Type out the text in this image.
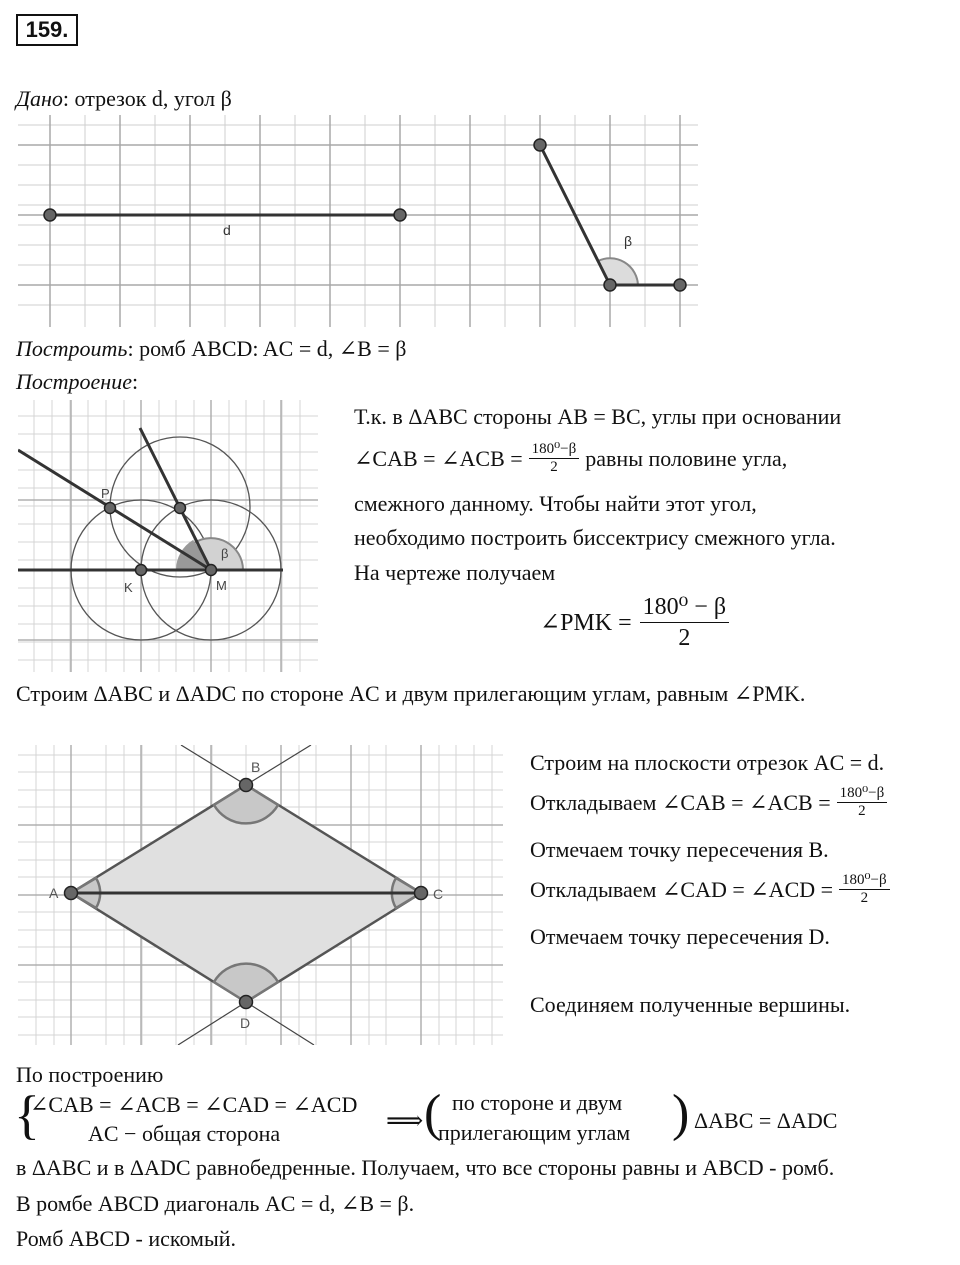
159.
Дано: отрезок d, угол β
d
β
Построить: ромб ABCD: AC = d, ∠B = β
Построение:
P
K	M
β
Т.к. в ΔABC стороны AB = BC, углы при основании
∠CAB = ∠ACB = $\frac{\text{180⁰−β}}{2}$ равны половине угла,
смежного данному. Чтобы найти этот угол,
необходимо построить биссектрису смежного угла.
На чертеже получаем
∠PMK = $\frac{\text{180⁰ − β}}{2}$
Строим ΔABC и ΔADC по стороне AC и двум прилегающим углам, равным ∠PMK.
A
B
C
D
Строим на плоскости отрезок AC = d.
Откладываем ∠CAB = ∠ACB = $\frac{\text{180⁰−β}}{2}$
Отмечаем точку пересечения B.
Откладываем ∠CAD = ∠ACD = $\frac{\text{180⁰−β}}{2}$
Отмечаем точку пересечения D.
Соединяем полученные вершины.
По построению
{
∠CAB = ∠ACB = ∠CAD = ∠ACD
AC − общая сторона	⟹ ( по стороне и двум
прилегающим углам ) ΔABC = ΔADC
в ΔABC и в ΔADC равнобедренные. Получаем, что все стороны равны и ABCD - ромб.
В ромбе ABCD диагональ AC = d, ∠B = β.
Ромб ABCD - искомый.
